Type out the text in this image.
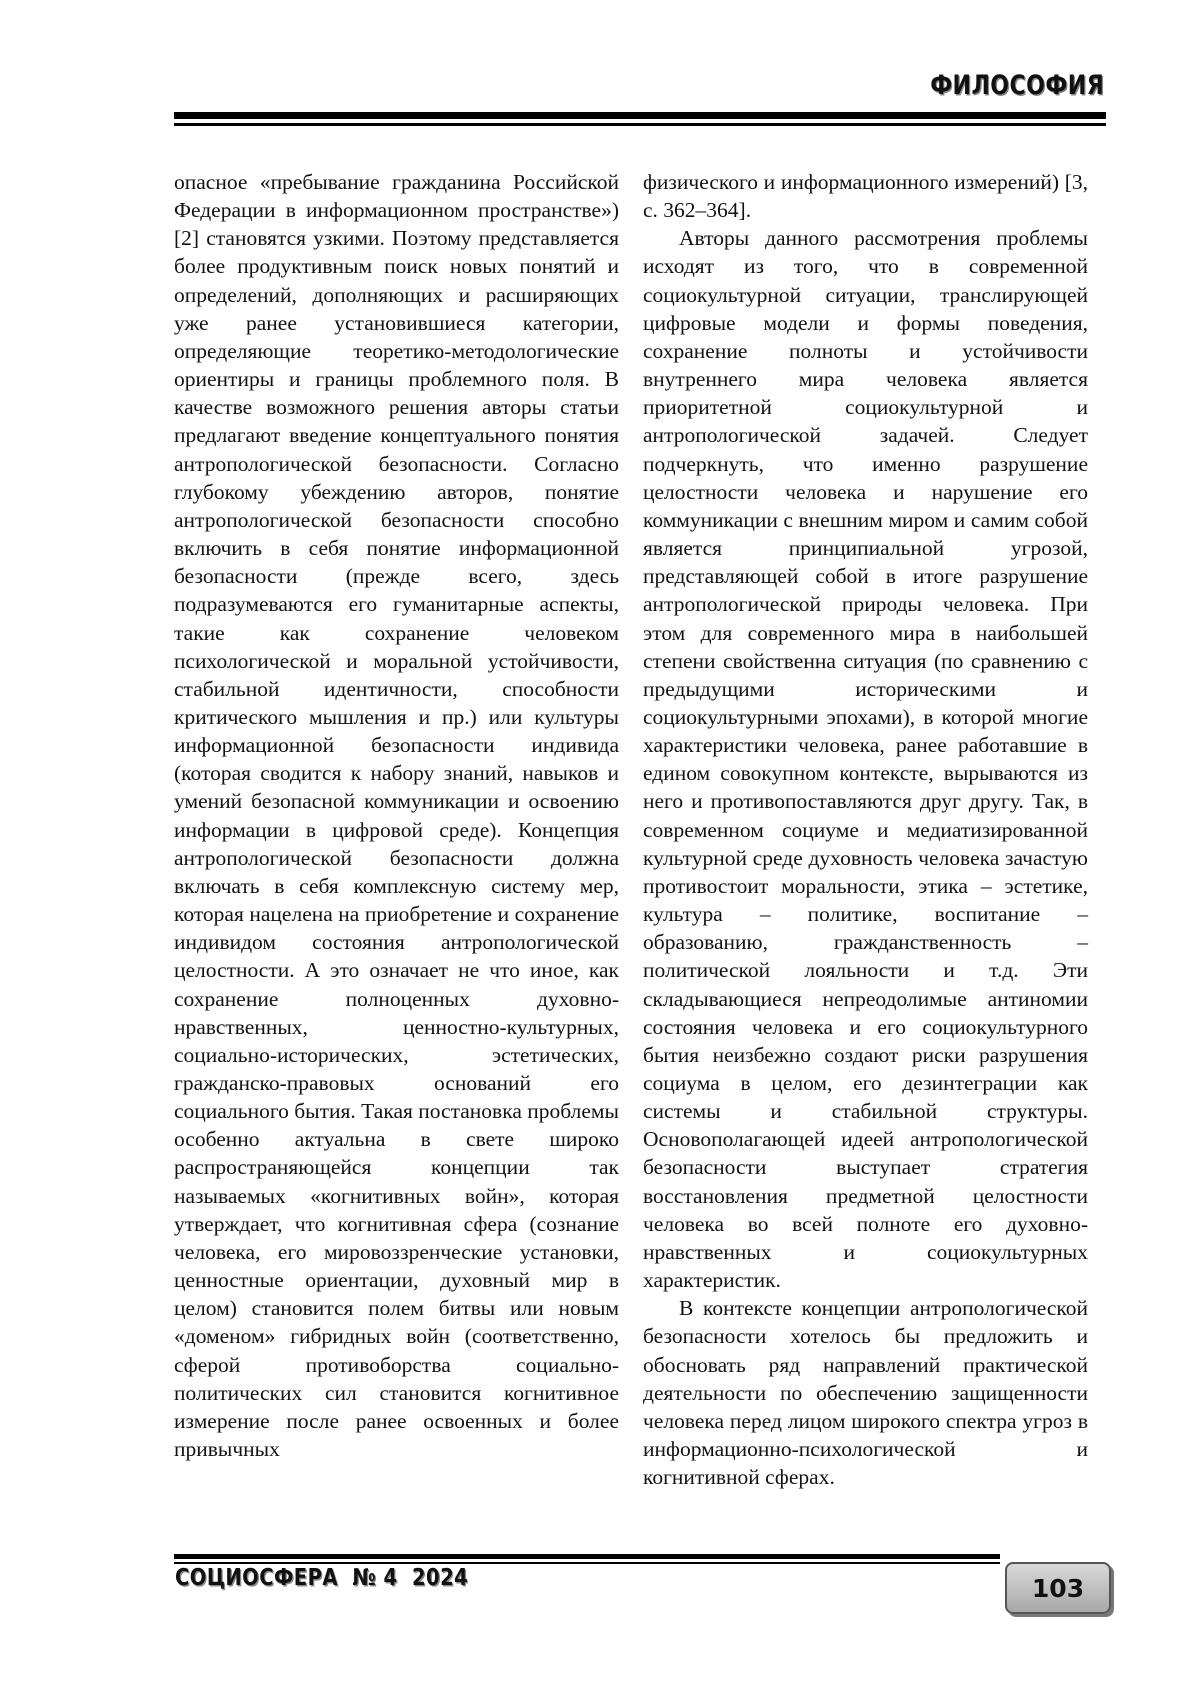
ФИЛОСОФИЯ

опасное «пребывание гражданина Российской Федерации в информационном пространстве») [2] становятся узкими. Поэтому представляется более продуктивным поиск новых понятий и определений, дополняющих и расширяющих уже ранее установившиеся категории, определяющие теоретико-методологические ориентиры и границы проблемного поля. В качестве возможного решения авторы статьи предлагают введение концептуального понятия антропологической безопасности. Согласно глубокому убеждению авторов, понятие антропологической безопасности способно включить в себя понятие информационной безопасности (прежде всего, здесь подразумеваются его гуманитарные аспекты, такие как сохранение человеком психологической и моральной устойчивости, стабильной идентичности, способности критического мышления и пр.) или культуры информационной безопасности индивида (которая сводится к набору знаний, навыков и умений безопасной коммуникации и освоению информации в цифровой среде). Концепция антропологической безопасности должна включать в себя комплексную систему мер, которая нацелена на приобретение и сохранение индивидом состояния антропологической целостности. А это означает не что иное, как сохранение полноценных духовно-нравственных, ценностно-культурных, социально-исторических, эстетических, гражданско-правовых оснований его социального бытия. Такая постановка проблемы особенно актуальна в свете широко распространяющейся концепции так называемых «когнитивных войн», которая утверждает, что когнитивная сфера (сознание человека, его мировоззренческие установки, ценностные ориентации, духовный мир в целом) становится полем битвы или новым «доменом» гибридных войн (соответственно, сферой противоборства социально-политических сил становится когнитивное измерение после ранее освоенных и более привычных

физического и информационного измерений) [3, с. 362–364].

Авторы данного рассмотрения проблемы исходят из того, что в современной социокультурной ситуации, транслирующей цифровые модели и формы поведения, сохранение полноты и устойчивости внутреннего мира человека является приоритетной социокультурной и антропологической задачей. Следует подчеркнуть, что именно разрушение целостности человека и нарушение его коммуникации с внешним миром и самим собой является принципиальной угрозой, представляющей собой в итоге разрушение антропологической природы человека. При этом для современного мира в наибольшей степени свойственна ситуация (по сравнению с предыдущими историческими и социокультурными эпохами), в которой многие характеристики человека, ранее работавшие в едином совокупном контексте, вырываются из него и противопоставляются друг другу. Так, в современном социуме и медиатизированной культурной среде духовность человека зачастую противостоит моральности, этика – эстетике, культура – политике, воспитание – образованию, гражданственность – политической лояльности и т.д. Эти складывающиеся непреодолимые антиномии состояния человека и его социокультурного бытия неизбежно создают риски разрушения социума в целом, его дезинтеграции как системы и стабильной структуры. Основополагающей идеей антропологической безопасности выступает стратегия восстановления предметной целостности человека во всей полноте его духовно-нравственных и социокультурных характеристик.

В контексте концепции антропологической безопасности хотелось бы предложить и обосновать ряд направлений практической деятельности по обеспечению защищенности человека перед лицом широкого спектра угроз в информационно-психологической и когнитивной сферах.

СОЦИОСФЕРА  № 4  2024	103
